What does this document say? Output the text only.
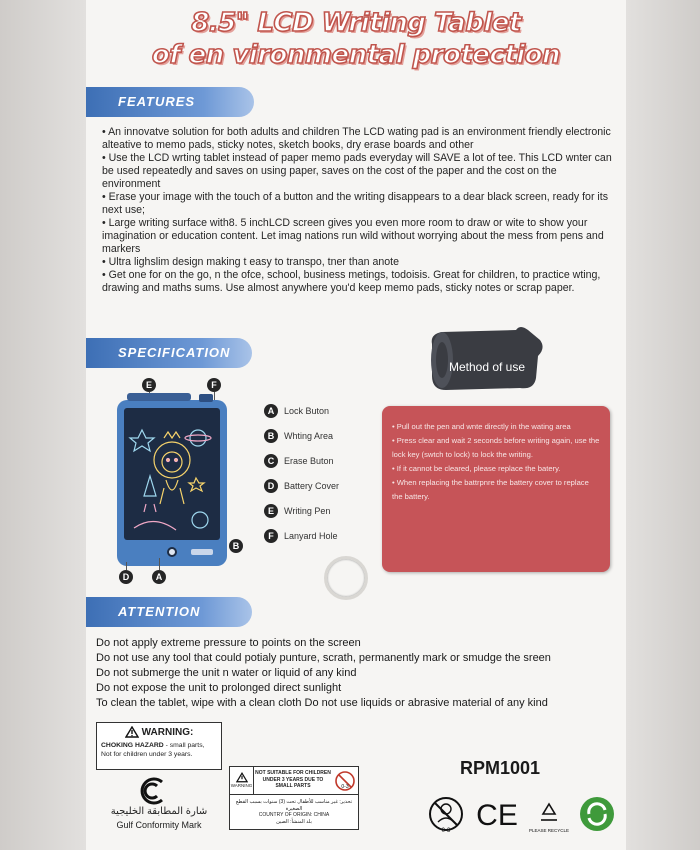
8.5" LCD Writing Tablet
of en vironmental protection
FEATURES

• An innovatve solution for both adults and children The LCD wating pad is an environment friendly electronic alteative to memo pads, sticky notes, sketch books, dry erase boards and other

• Use the LCD wrting tablet instead of paper memo pads everyday will SAVE a lot of tee. This LCD wnter can be used repeatedly and saves on using paper, saves on the cost of the paper and the cost on the environment

• Erase your image with the touch of a button and the writing disappears to a dear black screen, ready for its next use;

• Large writing surface with8. 5 inchLCD screen gives you even more room to draw or wite to show your imagination or education content. Let imag nations run wild without worrying about the mess from pens and markers

• Ultra lighslim design making t easy to transpo, tner than anote

• Get one for on the go, n the ofce, school, business metings, todoisis. Great for children, to practice wting, drawing and maths sums. Use almost anywhere you'd keep memo pads, sticky notes or scrap paper.

SPECIFICATION
E	F
B
D	A
A	Lock Buton
B	Whting Area
C	Erase Buton
D	Battery Cover
E	Writing Pen
F	Lanyard Hole
Method of use

• Pull out the pen and wnte directly in the wating area

• Press clear and wait 2 seconds before writing again, use the lock key (swtch to lock) to lock the writing.

• If it cannot be cleared, please replace the batery.

• When replacing the battrpnre the battery cover to replace the battery.

ATTENTION

Do not apply extreme pressure to points on the screen

Do not use any tool that could potialy punture, scrath, permanently mark or smudge the sreen

Do not submerge the unit n water or liquid of any kind

Do not expose the unit to prolonged direct sunlight

To clean the tablet, wipe with a clean cloth Do not use liquids or abrasive material of any kind

WARNING:
CHOKING HAZARD - small parts,
Not for children under 3 years.
شارة المطابقة الخليجية
Gulf Conformity Mark
WARNING
NOT SUITABLE FOR CHILDREN UNDER 3 YEARS DUE TO SMALL PARTS	0-3
تحذير: غير مناسب للأطفال تحت (3) سنوات بسبب القطع الصغيرة
COUNTRY OF ORIGIN: CHINA
بلد المنشأ: الصين
RPM1001
0-3 CE PLEASE RECYCLE
